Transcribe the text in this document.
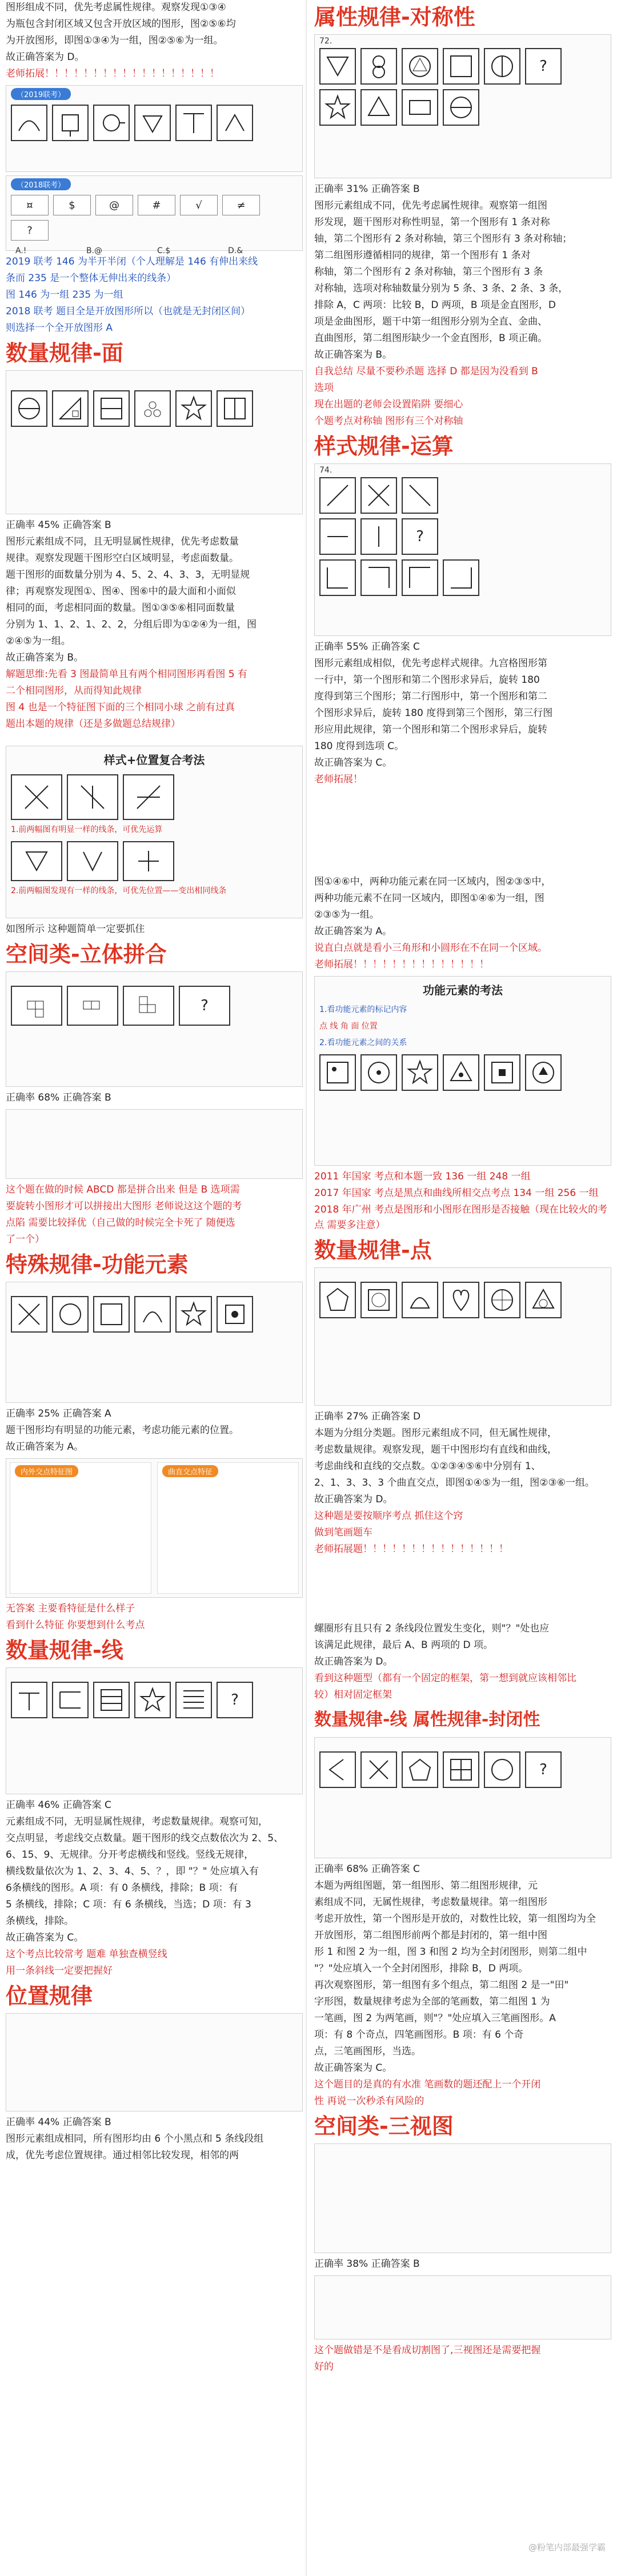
图形组成不同，优先考虑属性规律。观察发现①③④

为瓶包含封闭区域又包含开放区域的图形，图②⑤⑥均

为开放图形，即图①③④为一组，图②⑤⑥为一组。

故正确答案为 D。

老师拓展！！！！！！！！！！！！！！！！！！

（2019联考）
（2018联考）
¤	$	@	#	√	≠
?
A.!	B.@	C.$	D.&

2019 联考 146 为半开半闭（个人理解是 146 有伸出来线

条而 235 是一个整体无伸出来的线条）

图 146 为一组 235 为一组

2018 联考 题目全是开放图形所以（也就是无封闭区间）

则选择一个全开放图形 A

数量规律-面

正确率 45% 正确答案 B

图形元素组成不同，且无明显属性规律，优先考虑数量

规律。观察发现题干图形空白区域明显，考虑面数量。

题干图形的面数量分别为 4、5、2、4、3、3，无明显规

律；再观察发现图①、图④、图⑥中的最大面和小面似

相同的面，考虑相同面的数量。图①③⑤⑥相同面数量

分别为 1、1、2、1、2、2，分组后即为①②④为一组，图

②④⑤为一组。

故正确答案为 B。

解题思维:先看 3 图最简单且有两个相同图形再看图 5 有

二个相同图形，从而得知此规律

图 4 也是一个特征图下面的三个相同小球 之前有过真

题出本题的规律（还是多做题总结规律）

样式+位置复合考法

1.前两幅图有明显一样的线条，可优先运算

2.前两幅图发现有一样的线条，可优先位置——变出相同线条

如图所示 这种题简单一定要抓住

空间类-立体拼合
?

正确率 68% 正确答案 B

这个题在做的时候 ABCD 都是拼合出来 但是 B 选项需

要旋转小图形才可以拼接出大图形 老师说这这个题的考

点陷 需要比较择优（自己做的时候完全卡死了 随便选

了一个）

特殊规律-功能元素

正确率 25% 正确答案 A

题干图形均有明显的功能元素，考虑功能元素的位置。

故正确答案为 A。

内外交点特征图	曲直交点特征

无答案 主要看特征是什么样子

看到什么特征 你要想到什么考点

数量规律-线
?

正确率 46% 正确答案 C

元素组成不同，无明显属性规律，考虑数量规律。观察可知，

交点明显，考虑线交点数量。题干图形的线交点数依次为 2、5、

6、15、9、无规律。分开考虑横线和竖线。竖线无规律，

横线数量依次为 1、2、3、4、5、？，即 "？" 处应填入有

6条横线的图形。A 项：有 0 条横线，排除；B 项：有

5 条横线，排除；C 项：有 6 条横线，当选；D 项：有 3

条横线，排除。

故正确答案为 C。

这个考点比较常考 题难 单独查横竖线

用一条斜线一定要把握好

位置规律

正确率 44% 正确答案 B

图形元素组成相同，所有图形均由 6 个小黑点和 5 条线段组

成，优先考虑位置规律。通过相邻比较发现，相邻的两

属性规律-对称性
72.
?

正确率 31% 正确答案 B

图形元素组成不同，优先考虑属性规律。观察第一组图

形发现，题干图形对称性明显，第一个图形有 1 条对称

轴，第二个图形有 2 条对称轴，第三个图形有 3 条对称轴；

第二组图形遵循相同的规律，第一个图形有 1 条对

称轴，第二个图形有 2 条对称轴，第三个图形有 3 条

对称轴，选项对称轴数量分别为 5 条、3 条、2 条、3 条，

排除 A，C 两项：比较 B，D 两项，B 项是金直图形，D

项是金曲图形，题干中第一组图形分别为全直、金曲、

直曲图形，第二组图形缺少一个金直图形，B 项正确。

故正确答案为 B。

自我总结 尽量不要秒杀题 选择 D 都是因为没看到 B

选项

现在出题的老师会设置陷阱 要细心

个题考点对称轴 图形有三个对称轴

样式规律-运算
74.
?

正确率 55% 正确答案 C

图形元素组成相似，优先考虑样式规律。九宫格图形第

一行中，第一个图形和第二个图形求异后，旋转 180

度得到第三个图形；第二行图形中，第一个图形和第二

个图形求异后，旋转 180 度得到第三个图形，第三行图

形应用此规律，第一个图形和第二个图形求异后，旋转

180 度得到选项 C。

故正确答案为 C。

老师拓展！

图①④⑥中，两种功能元素在同一区域内，图②③⑤中，

两种功能元素不在同一区域内，即图①④⑥为一组，图

②③⑤为一组。

故正确答案为 A。

说直白点就是看小三角形和小圆形在不在同一个区域。

老师拓展！！！！！！！！！！！！！！

功能元素的考法

1.看功能元素的标记内容

点 线 角 面 位置

2.看功能元素之间的关系

2011 年国家 考点和本题一致 136 一组 248 一组

2017 年国家 考点是黑点和曲线所相交点考点 134 一组 256 一组

2018 年广州 考点是图形和小图形在图形是否接触（现在比较火的考点 需要多注意）

数量规律-点

正确率 27% 正确答案 D

本题为分组分类题。图形元素组成不同，但无属性规律，

考虑数量规律。观察发现，题干中图形均有直线和曲线，

考虑曲线和直线的交点数。①②③④⑤⑥中分别有 1、

2、1、3、3、3 个曲直交点，即图①④⑤为一组，图②③⑥一组。

故正确答案为 D。

这种题是要按顺序考点 抓住这个窍

做到笔画题车

老师拓展题！！！！！！！！！！！！！！！

螺圈形有且只有 2 条线段位置发生变化，则"？"处也应

该满足此规律，最后 A、B 两项的 D 项。

故正确答案为 D。

看到这种题型（都有一个固定的框架，第一想到就应该相邻比

较）相对固定框架

数量规律-线 属性规律-封闭性
?

正确率 68% 正确答案 C

本题为两组图题，第一组图形、第二组图形规律，元

素组成不同，无属性规律，考虑数量规律。第一组图形

考虑开放性，第一个图形是开放的，对数性比较，第一组图均为全

开放图形，第二组图形前两个都是封闭的，第一组中图

形 1 和图 2 为一组，图 3 和图 2 均为全封闭图形，则第二组中

"？"处应填入一个全封闭图形，排除 B，D 两项。

再次观察图形，第一组图有多个组点，第二组图 2 是一"田"

字形图，数量规律考虑为全部的笔画数，第二组图 1 为

一笔画，图 2 为两笔画，则"？"处应填入三笔画图形。A

项：有 8 个奇点，四笔画图形。B 项：有 6 个奇

点，三笔画图形，当选。

故正确答案为 C。

这个题目的是真的有水准 笔画数的题还配上一个开闭

性 再说一次秒杀有风险的

空间类-三视图

正确率 38% 正确答案 B

这个题做错是不是看成切割图了,三视图还是需要把握

好的

@粉笔内部最强学霸
